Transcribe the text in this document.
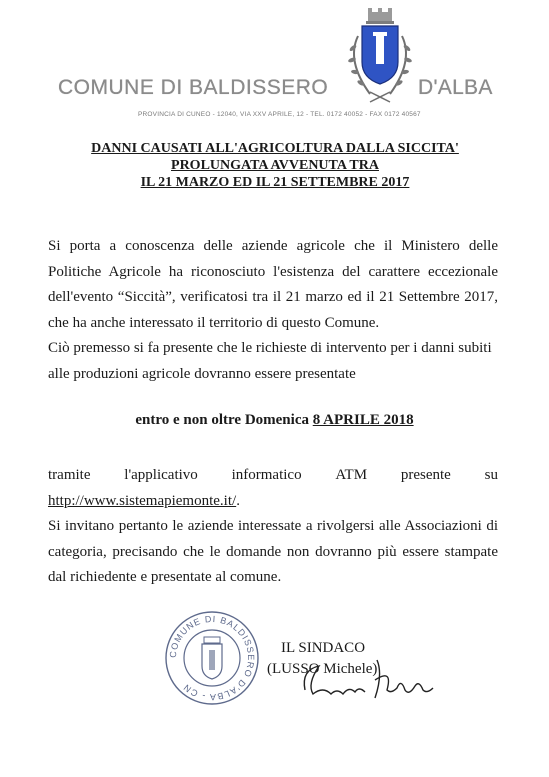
COMUNE DI BALDISSERO	D'ALBA
PROVINCIA DI CUNEO - 12040, VIA XXV APRILE, 12 - TEL. 0172 40052 - FAX 0172 40567
DANNI CAUSATI ALL'AGRICOLTURA DALLA SICCITA'
PROLUNGATA AVVENUTA TRA
IL 21 MARZO ED IL 21 SETTEMBRE 2017
Si porta a conoscenza delle aziende agricole che il Ministero delle Politiche Agricole ha riconosciuto l'esistenza del carattere eccezionale dell'evento “Siccità”, verificatosi tra il 21 marzo ed il 21 Settembre 2017, che ha anche interessato il territorio di questo Comune.
Ciò premesso si fa presente che le richieste di intervento per i danni subiti alle produzioni agricole dovranno essere presentate
entro e non oltre Domenica 8 APRILE 2018
tramite l'applicativo informatico ATM presente su
http://www.sistemapiemonte.it/.
Si invitano pertanto le aziende interessate a rivolgersi alle Associazioni di categoria, precisando che le domande non dovranno più essere stampate dal richiedente e presentate al comune.
COMUNE DI BALDISSERO D'ALBA - CN
IL SINDACO
(LUSSO Michele)
